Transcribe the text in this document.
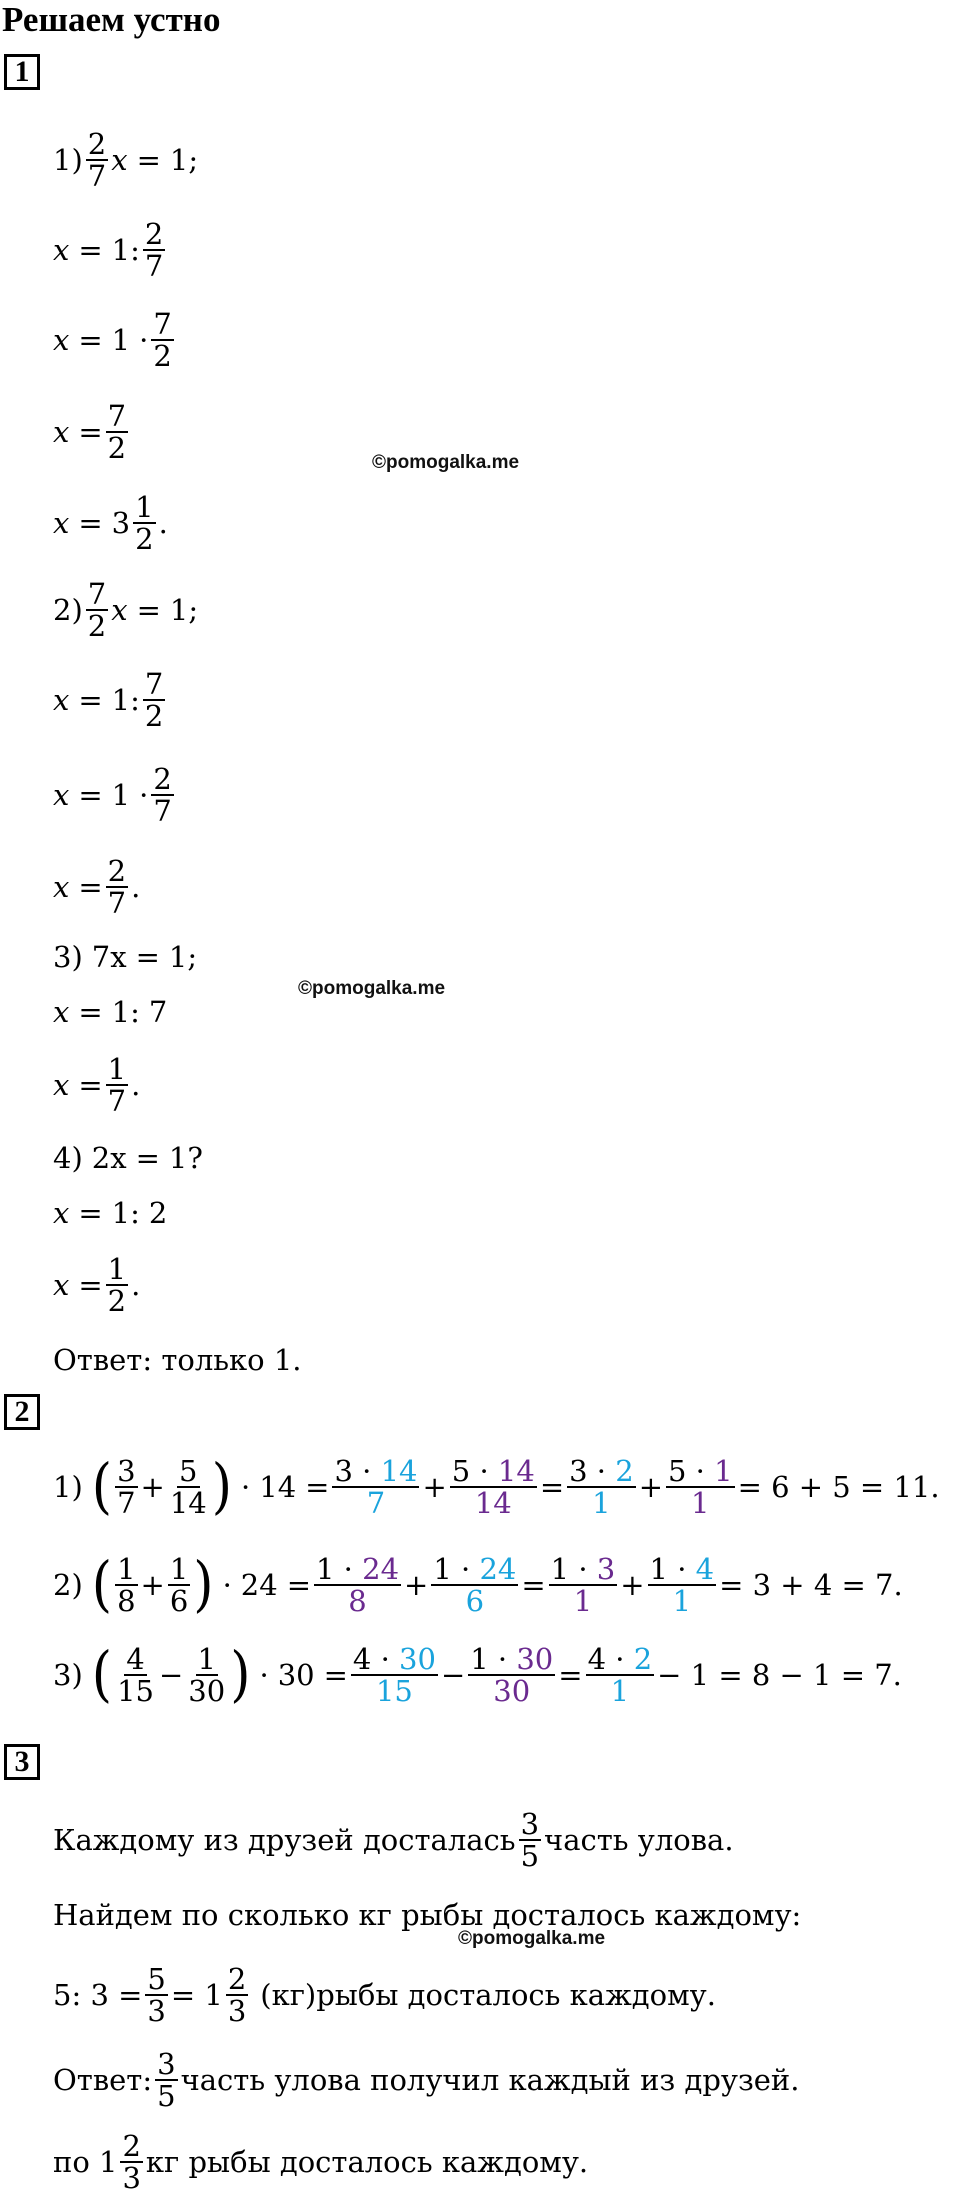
Решаем устно
1
$1) \frac{2}{7}$ x = 1 ;
x = 1 : $\frac{2}{7}$
$x = 1 \cdot \frac{7}{2}$
$x = \frac{7}{2}$	©pomogalka.me
$x = 3 \frac{1}{2}$ .
$2) \frac{7}{2}$ x = 1 ;
x = 1 : $\frac{7}{2}$
$x = 1 \cdot \frac{2}{7}$
$x = \frac{2}{7}$ .
3) 7x = 1 ;
©pomogalka.me
x = 1 : 7
$x = \frac{1}{7}$ .
4) 2x = 1 ?
x = 1 : 2
$x = \frac{1}{2}$ .
Ответ: только 1.
2
1) ( $\frac{3}{7} + \frac{5}{14}$ ) · $14 = \frac{3 \cdot 14}{7} + \frac{5 \cdot 14}{14} = \frac{3 \cdot 2}{1} + \frac{5 \cdot 1}{1} = 6 + 5 = 11$.
2) ( $\frac{1}{8} + \frac{1}{6}$ ) · $24 = \frac{1 \cdot 24}{8} + \frac{1 \cdot 24}{6} = \frac{1 \cdot 3}{1} + \frac{1 \cdot 4}{1} = 3 + 4 = 7$.
3) ( $\frac{4}{15} - \frac{1}{30}$ ) · $30 = \frac{4 \cdot 30}{15} - \frac{1 \cdot 30}{30} = \frac{4 \cdot 2}{1} - 1 = 8 - 1 = 7$.
3
Каждому из друзей досталась $\frac{3}{5}$ часть улова.
Найдем по сколько кг рыбы досталось каждому:
©pomogalka.me
5: $3 = \frac{5}{3} = 1 \frac{2}{3}$ (кг)рыбы досталось каждому.
Ответ: $\frac{3}{5}$ часть улова получил каждый из друзей.
по $1 \frac{2}{3}$ кг рыбы досталось каждому.
